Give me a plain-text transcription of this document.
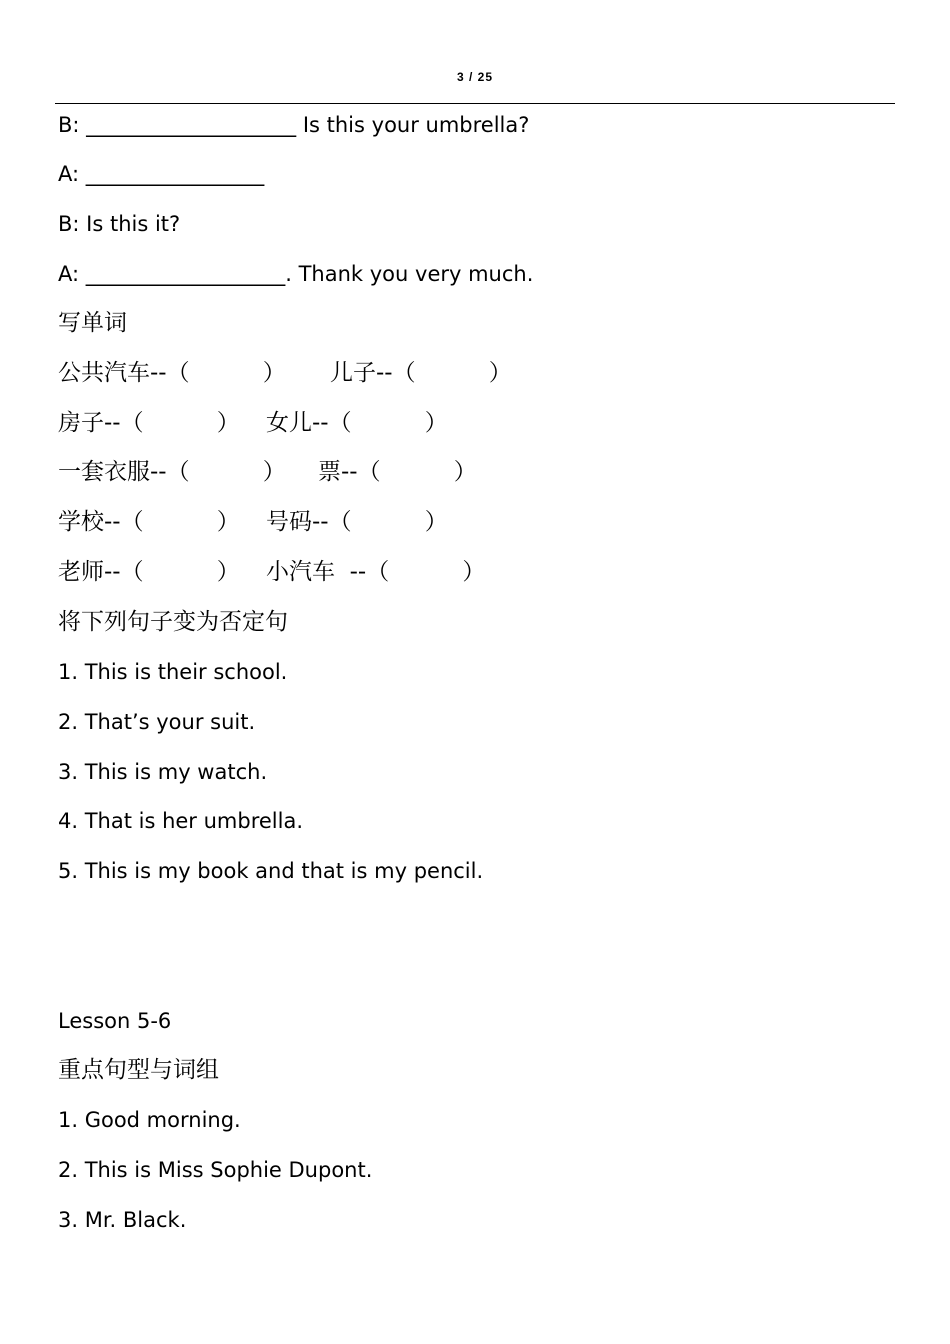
3 / 25
B: ____________________ Is this your umbrella?
A: _________________
B: Is this it?
A: ___________________. Thank you very much.
写单词

公共汽车--（          ）

儿子--（          ）

房子--（          ）

女儿--（          ）

一套衣服--（          ）

票--（          ）

学校--（          ）

号码--（          ）

老师--（          ）

小汽车  --（          ）

将下列句子变为否定句
1. This is their school.
2. That’s your suit.
3. This is my watch.
4. That is her umbrella.
5. This is my book and that is my pencil.
Lesson 5-6
重点句型与词组
1. Good morning.
2. This is Miss Sophie Dupont.
3. Mr. Black.
